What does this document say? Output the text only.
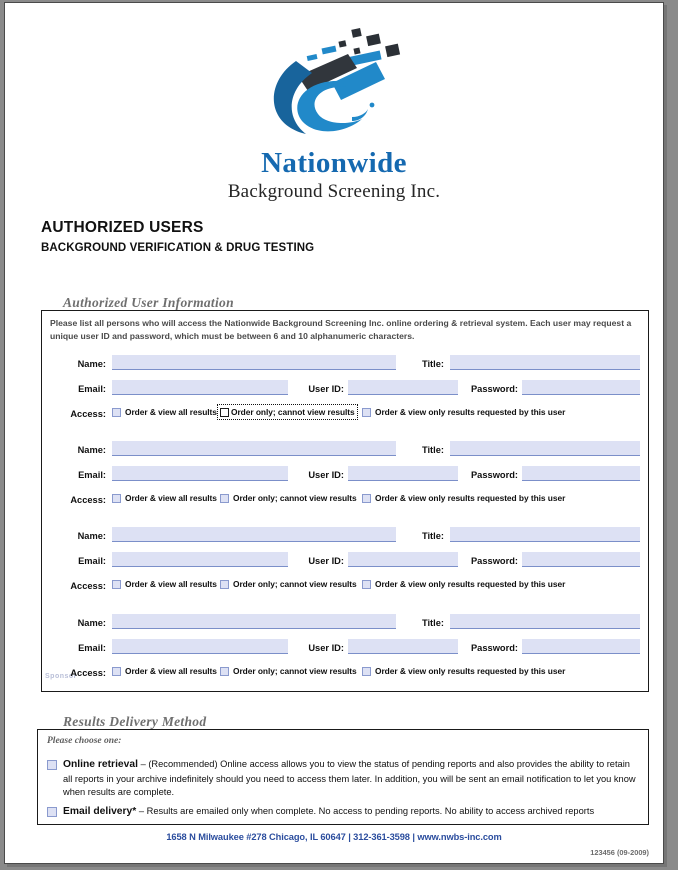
Nationwide
Background Screening Inc.
AUTHORIZED USERS
BACKGROUND VERIFICATION & DRUG TESTING
Authorized User Information
Please list all persons who will access the Nationwide Background Screening Inc. online ordering & retrieval system. Each user may request a unique user ID and password, which must be between 6 and 10 alphanumeric characters.
Sponsor
Name:	Title:
Email:	User ID:	Password:
Access: Order & view all results Order only; cannot view results Order & view only results requested by this user
Name:	Title:
Email:	User ID:	Password:
Access: Order & view all results Order only; cannot view results Order & view only results requested by this user
Name:	Title:
Email:	User ID:	Password:
Access: Order & view all results Order only; cannot view results Order & view only results requested by this user
Name:	Title:
Email:	User ID:	Password:
Access: Order & view all results Order only; cannot view results Order & view only results requested by this user
Results Delivery Method
Please choose one:
Online retrieval – (Recommended) Online access allows you to view the status of pending reports and also provides the ability to retain all reports in your archive indefinitely should you need to access them later. In addition, you will be sent an email notification to let you know when results are complete.
Email delivery* – Results are emailed only when complete. No access to pending reports. No ability to access archived reports
1658 N Milwaukee #278 Chicago, IL 60647 | 312-361-3598 | www.nwbs-inc.com
123456 (09-2009)
